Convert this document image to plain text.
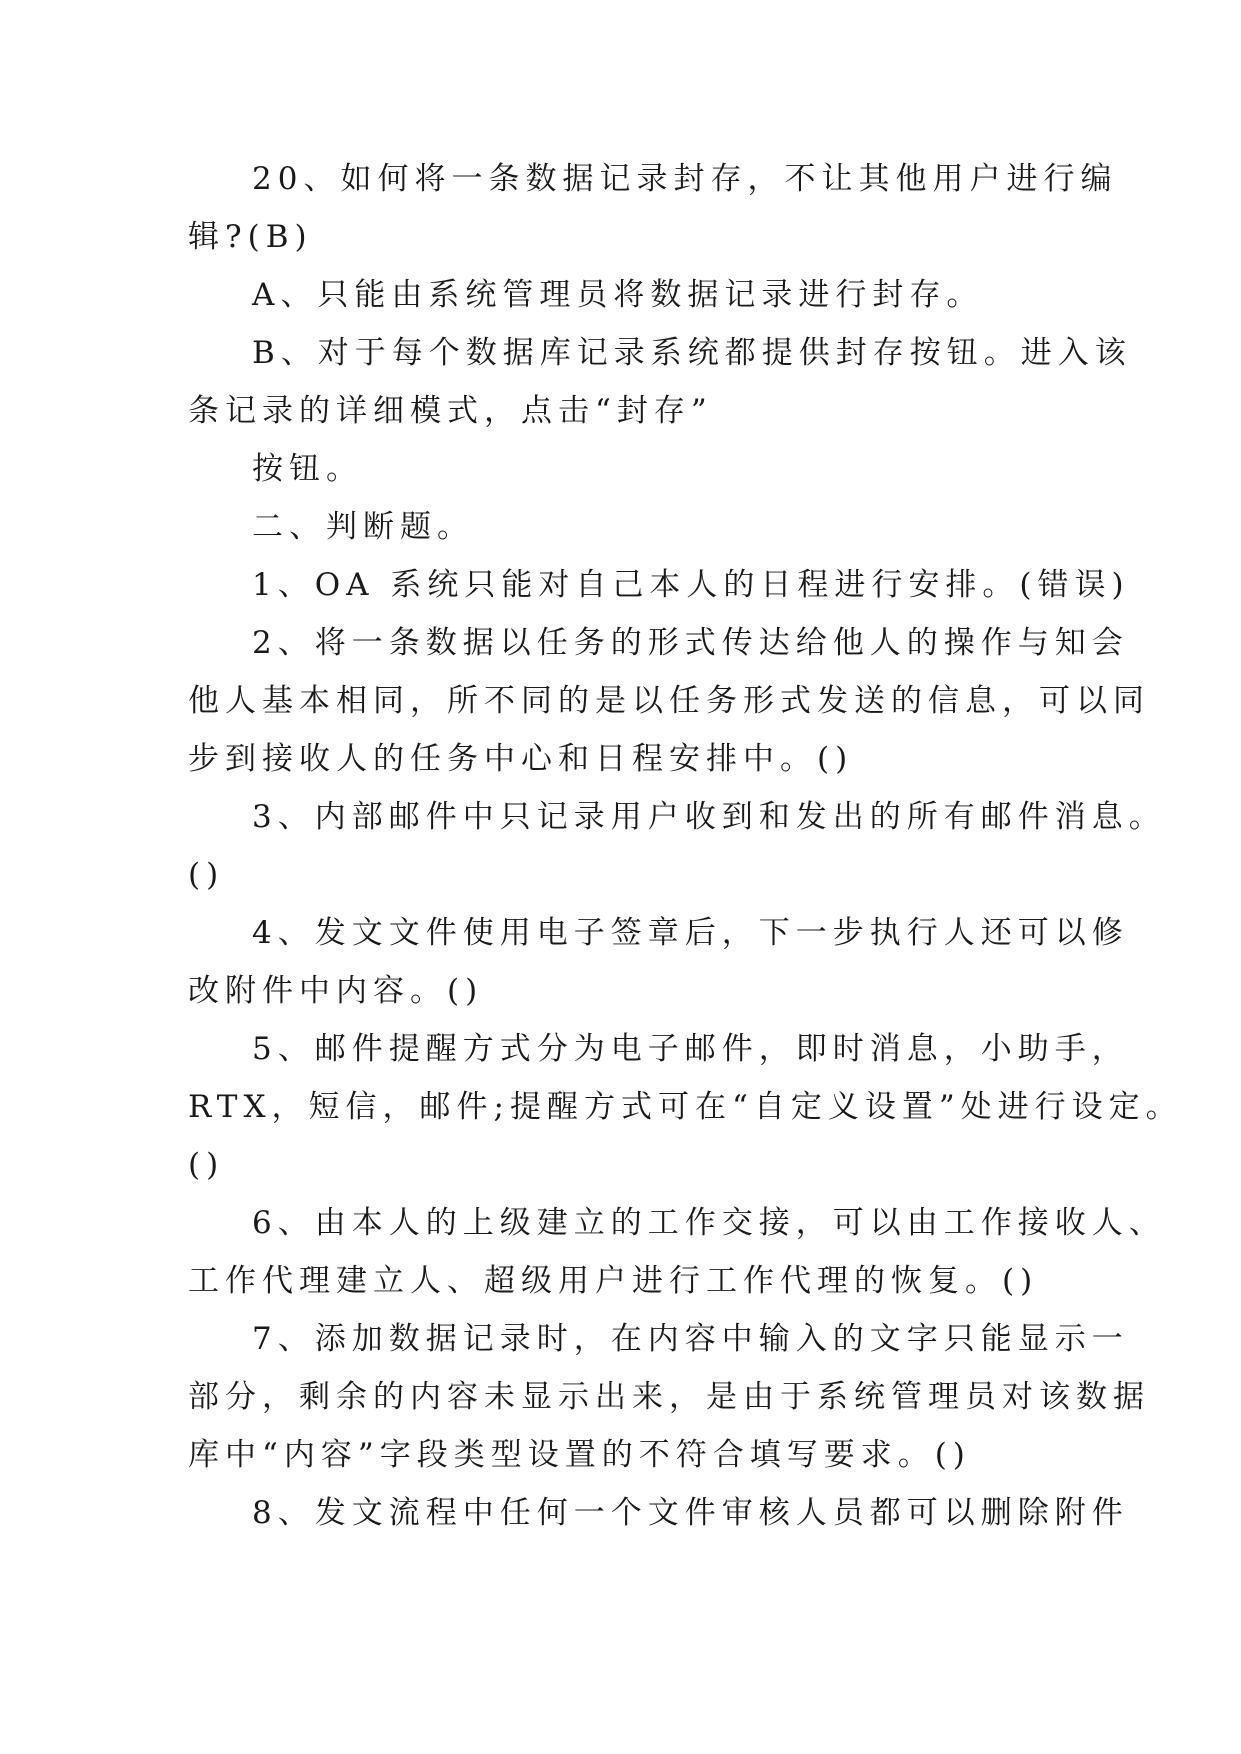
20、如何将一条数据记录封存，不让其他用户进行编
辑?(B)
A、只能由系统管理员将数据记录进行封存。
B、对于每个数据库记录系统都提供封存按钮。进入该
条记录的详细模式，点击“封存”
按钮。
二、判断题。
1、OA 系统只能对自己本人的日程进行安排。(错误)
2、将一条数据以任务的形式传达给他人的操作与知会
他人基本相同，所不同的是以任务形式发送的信息，可以同
步到接收人的任务中心和日程安排中。()
3、内部邮件中只记录用户收到和发出的所有邮件消息。
()
4、发文文件使用电子签章后，下一步执行人还可以修
改附件中内容。()
5、邮件提醒方式分为电子邮件，即时消息，小助手，
RTX，短信，邮件;提醒方式可在“自定义设置”处进行设定。
()
6、由本人的上级建立的工作交接，可以由工作接收人、
工作代理建立人、超级用户进行工作代理的恢复。()
7、添加数据记录时，在内容中输入的文字只能显示一
部分，剩余的内容未显示出来，是由于系统管理员对该数据
库中“内容”字段类型设置的不符合填写要求。()
8、发文流程中任何一个文件审核人员都可以删除附件
